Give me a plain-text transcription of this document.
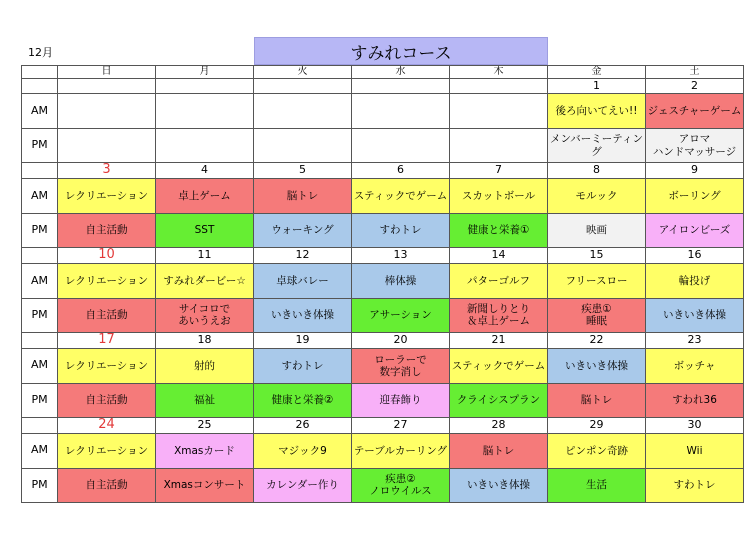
12月	すみれコース
	日	月	火	水	木	金	土
						1	2
AM						後ろ向いてえい!!	ジェスチャーゲーム

PM						メンバーミーティング	アロマ
ハンドマッサージ

	3	4	5	6	7	8	9
AM	レクリエーション	卓上ゲーム	脳トレ	スティックでゲーム	スカットボール	モルック	ボーリング

PM	自主活動	SST	ウォーキング	すわトレ	健康と栄養①	映画	アイロンビーズ

	10	11	12	13	14	15	16
AM	レクリエーション	すみれダービー☆	卓球バレー	棒体操	パターゴルフ	フリースロー	輪投げ

PM	自主活動	サイコロで
あいうえお	いきいき体操	アサーション	新聞しりとり
＆卓上ゲーム	疾患①
睡眠	いきいき体操

	17	18	19	20	21	22	23
AM	レクリエーション	射的	すわトレ	ローラーで
数字消し	スティックでゲーム	いきいき体操	ボッチャ

PM	自主活動	福祉	健康と栄養②	迎春飾り	クライシスプラン	脳トレ	すわれ36

	24	25	26	27	28	29	30
AM	レクリエーション	Xmasカード	マジック9	テーブルカーリング	脳トレ	ピンポン奇跡	Wii

PM	自主活動	Xmasコンサート	カレンダー作り	疾患②
ノロウイルス	いきいき体操	生活	すわトレ
